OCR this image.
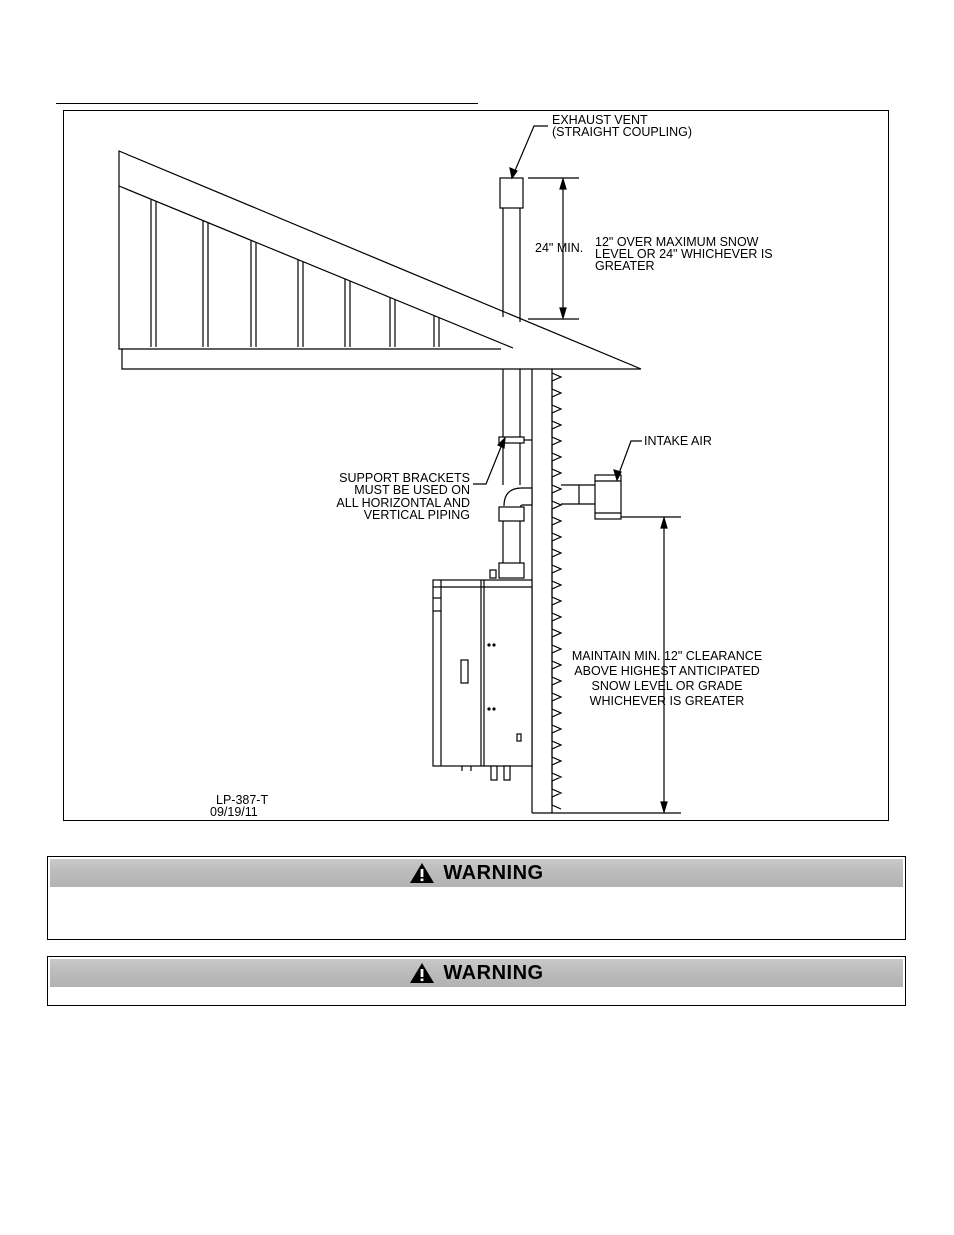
EXHAUST VENT
(STRAIGHT COUPLING)
24" MIN. 12" OVER MAXIMUM SNOW
LEVEL OR 24" WHICHEVER IS
GREATER
INTAKE AIR
SUPPORT BRACKETS
MUST BE USED ON
ALL HORIZONTAL AND
VERTICAL PIPING
MAINTAIN MIN. 12" CLEARANCE
ABOVE HIGHEST ANTICIPATED
SNOW LEVEL OR GRADE
WHICHEVER IS GREATER
LP-387-T
09/19/11
WARNING
WARNING
